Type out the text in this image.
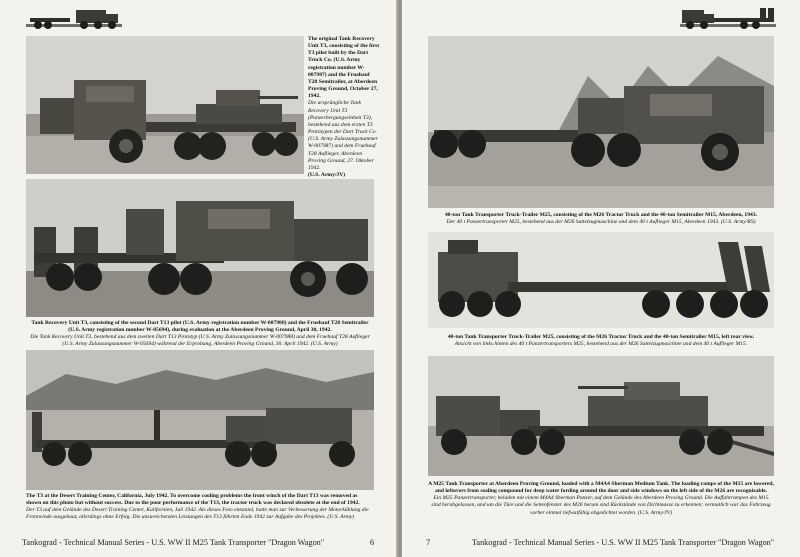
The original Tank Recovery Unit T3, consisting of the first T3 pilot built by the Dart Truck Co. (U.S. Army registration number W-007987) and the Fruehauf T28 Semitrailer, at Aberdeen Proving Ground, October 27, 1942.
Die ursprüngliche Tank Recovery Unit T3 (Panzerbergungseinheit T3), bestehend aus dem ersten T3 Prototypen der Dart Truck Co. (U.S. Army Zulassungsnummer W-007987) und dem Fruehauf T28 Auflieger, Aberdeen Proving Ground, 27. Oktober 1942.
(U.S. Army/JV)
Tank Recovery Unit T3, consisting of the second Dart T13 pilot (U.S. Army registration number W-007988) and the Fruehauf T28 Semitrailer (U.S. Army registration number W-05694), during evaluation at the Aberdeen Proving Ground, April 30, 1942.
Die Tank Recovery Unit T3, bestehend aus dem zweiten Dart T13 Prototyp (U.S. Army Zulassungsnummer W-007988) und dem Fruehauf T28 Auflieger (U.S. Army Zulassungsnummer W-05694) während der Erprobung, Aberdeen Proving Ground, 30. April 1942. (U.S. Army)
The T3 at the Desert Training Center, California, July 1942. To overcome cooling problems the front winch of the Dart T13 was removed as shown on this photo but without success. Due to the poor performance of the T13, the tractor truck was declared obsolete at the end of 1942.
Der T3 auf dem Gelände des Desert Training Center, Kalifornien, Juli 1942. Als dieses Foto entstand, hatte man zur Verbesserung der Motorkühlung die Frontwinde ausgebaut, allerdings ohne Erfolg. Die unzureichenden Leistungen des T13 führten Ende 1942 zur Aufgabe des Projektes. (U.S. Army)
Tankograd - Technical Manual Series - U.S. WW II M25 Tank Transporter "Dragon Wagon"	6
40-ton Tank Transporter Truck-Trailer M25, consisting of the M26 Tractor Truck and the 40-ton Semitrailer M15, Aberdeen, 1943.
Der 40 t Panzertransporter M25, bestehend aus der M26 Sattelzugmaschine und dem 40 t Auflieger M15, Aberdeen 1943. (U.S. Army/RS)
40-ton Tank Transporter Truck-Trailer M25, consisting of the M26 Tractor Truck and the 40-ton Semitrailer M15, left rear view.
Ansicht von links hinten des 40 t Panzertransporters M25, bestehend aus der M26 Sattelzugmaschine und dem 40 t Auflieger M15.
A M25 Tank Transporter at Aberdeen Proving Ground, loaded with a M4A4 Sherman Medium Tank. The loading ramps of the M15 are lowered, and leftovers from sealing compound for deep water fording around the door and side windows on the left side of the M26 are recognizable.
Ein M25 Panzertransporter, beladen mit einem M4A4 Sherman Panzer, auf dem Gelände des Aberdeen Proving Ground. Die Auffahrrampen des M15 sind herabgelassen, und um die Türe und die Seitenfenster des M26 herum sind Rückstände von Dichtmasse zu erkennen; vermutlich war das Fahrzeug vorher einmal tiefwatfähig abgedichtet worden. (U.S. Army/JV)
7	Tankograd - Technical Manual Series - U.S. WW II M25 Tank Transporter "Dragon Wagon"
